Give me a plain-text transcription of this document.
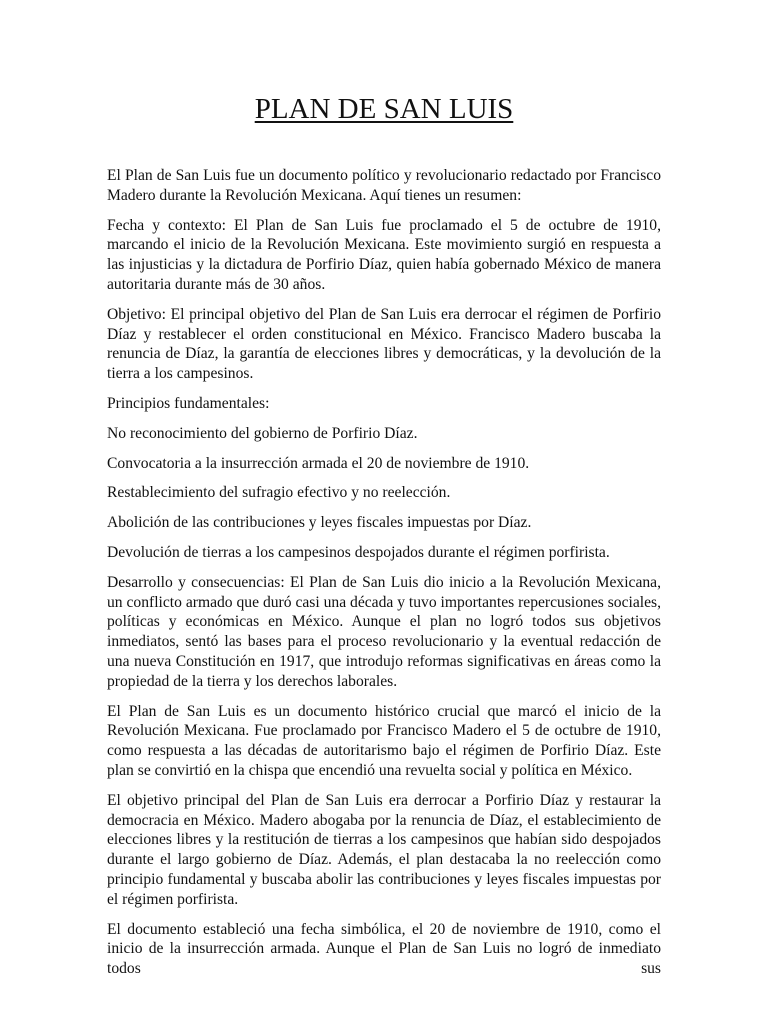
PLAN DE SAN LUIS

El Plan de San Luis fue un documento político y revolucionario redactado por Francisco Madero durante la Revolución Mexicana. Aquí tienes un resumen:

Fecha y contexto: El Plan de San Luis fue proclamado el 5 de octubre de 1910, marcando el inicio de la Revolución Mexicana. Este movimiento surgió en respuesta a las injusticias y la dictadura de Porfirio Díaz, quien había gobernado México de manera autoritaria durante más de 30 años.

Objetivo: El principal objetivo del Plan de San Luis era derrocar el régimen de Porfirio Díaz y restablecer el orden constitucional en México. Francisco Madero buscaba la renuncia de Díaz, la garantía de elecciones libres y democráticas, y la devolución de la tierra a los campesinos.

Principios fundamentales:

No reconocimiento del gobierno de Porfirio Díaz.

Convocatoria a la insurrección armada el 20 de noviembre de 1910.

Restablecimiento del sufragio efectivo y no reelección.

Abolición de las contribuciones y leyes fiscales impuestas por Díaz.

Devolución de tierras a los campesinos despojados durante el régimen porfirista.

Desarrollo y consecuencias: El Plan de San Luis dio inicio a la Revolución Mexicana, un conflicto armado que duró casi una década y tuvo importantes repercusiones sociales, políticas y económicas en México. Aunque el plan no logró todos sus objetivos inmediatos, sentó las bases para el proceso revolucionario y la eventual redacción de una nueva Constitución en 1917, que introdujo reformas significativas en áreas como la propiedad de la tierra y los derechos laborales.

El Plan de San Luis es un documento histórico crucial que marcó el inicio de la Revolución Mexicana. Fue proclamado por Francisco Madero el 5 de octubre de 1910, como respuesta a las décadas de autoritarismo bajo el régimen de Porfirio Díaz. Este plan se convirtió en la chispa que encendió una revuelta social y política en México.

El objetivo principal del Plan de San Luis era derrocar a Porfirio Díaz y restaurar la democracia en México. Madero abogaba por la renuncia de Díaz, el establecimiento de elecciones libres y la restitución de tierras a los campesinos que habían sido despojados durante el largo gobierno de Díaz. Además, el plan destacaba la no reelección como principio fundamental y buscaba abolir las contribuciones y leyes fiscales impuestas por el régimen porfirista.

El documento estableció una fecha simbólica, el 20 de noviembre de 1910, como el inicio de la insurrección armada. Aunque el Plan de San Luis no logró de inmediato todos sus
